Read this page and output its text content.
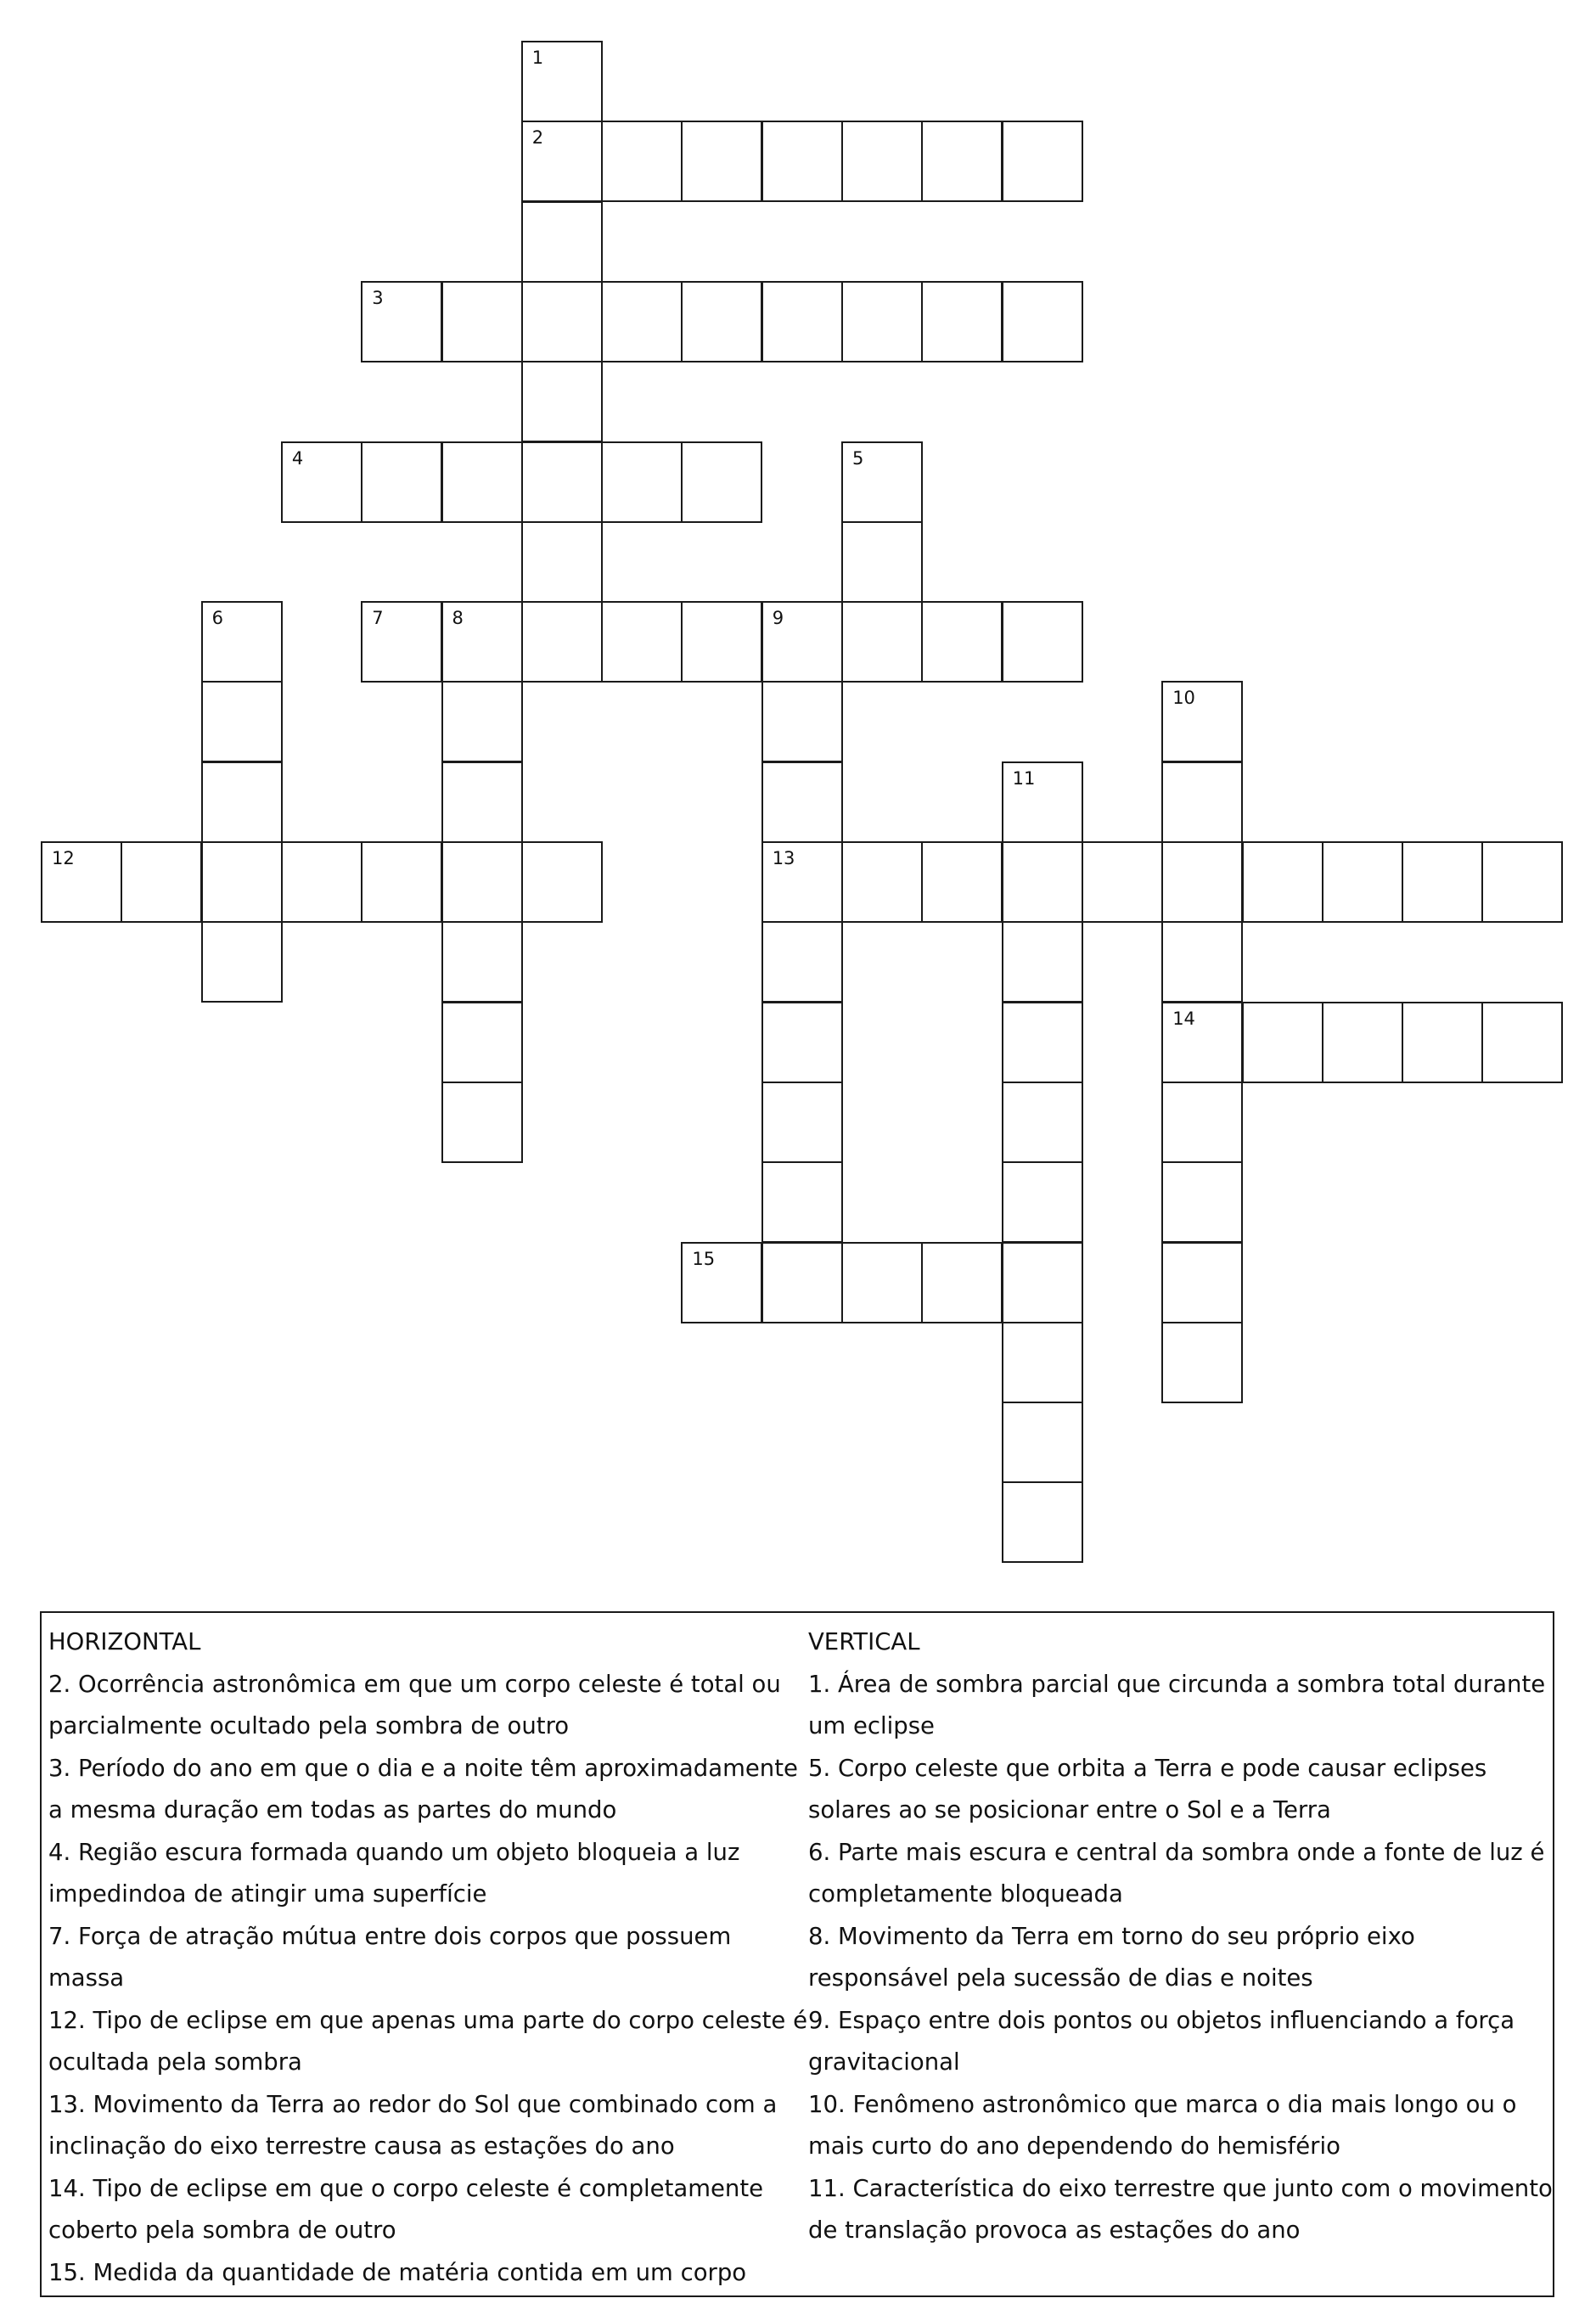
1
2
3
4	5
6	7	8	9
13
10
14
11
12
15
HORIZONTAL
2. Ocorrência astronômica em que um corpo celeste é total ou parcialmente ocultado pela sombra de outro
3. Período do ano em que o dia e a noite têm aproximadamente a mesma duração em todas as partes do mundo
4. Região escura formada quando um objeto bloqueia a luz impedindoa de atingir uma superfície
7. Força de atração mútua entre dois corpos que possuem massa
12. Tipo de eclipse em que apenas uma parte do corpo celeste é ocultada pela sombra
13. Movimento da Terra ao redor do Sol que combinado com a inclinação do eixo terrestre causa as estações do ano
14. Tipo de eclipse em que o corpo celeste é completamente coberto pela sombra de outro
15. Medida da quantidade de matéria contida em um corpo
VERTICAL
1. Área de sombra parcial que circunda a sombra total durante um eclipse
5. Corpo celeste que orbita a Terra e pode causar eclipses solares ao se posicionar entre o Sol e a Terra
6. Parte mais escura e central da sombra onde a fonte de luz é completamente bloqueada
8. Movimento da Terra em torno do seu próprio eixo responsável pela sucessão de dias e noites
9. Espaço entre dois pontos ou objetos influenciando a força gravitacional
10. Fenômeno astronômico que marca o dia mais longo ou o mais curto do ano dependendo do hemisfério
11. Característica do eixo terrestre que junto com o movimento de translação provoca as estações do ano
